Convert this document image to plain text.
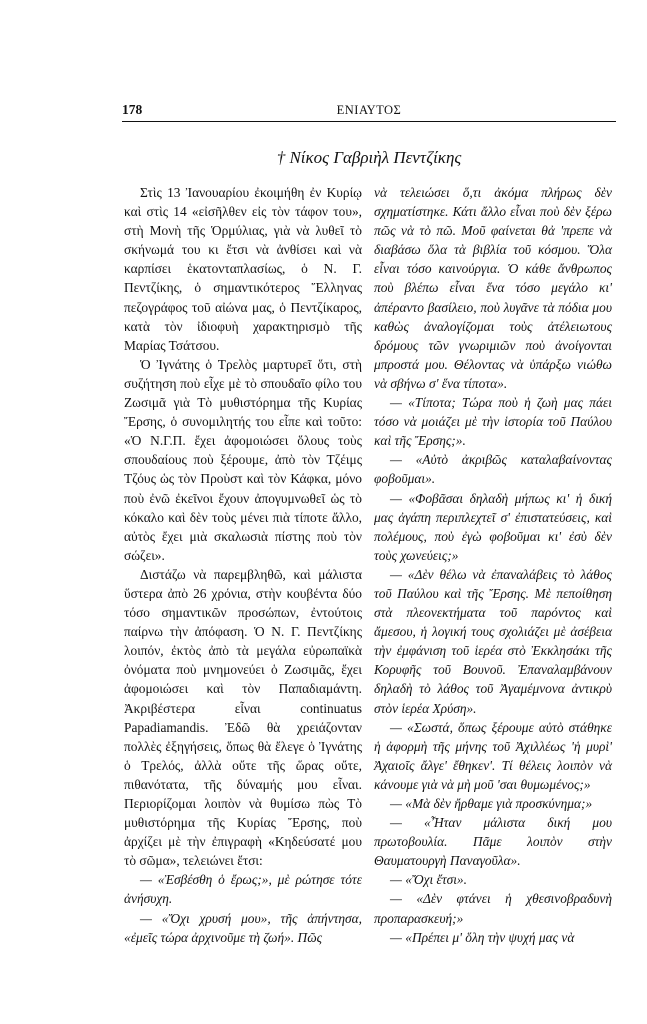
178	ΕΝΙΑΥΤΟΣ
† Νίκος Γαβριὴλ Πεντζίκης

Στὶς 13 Ἰανουαρίου ἐκοιμήθη ἐν Κυρίῳ καὶ στὶς 14 «εἰσῆλθεν εἰς τὸν τάφον του», στὴ Μονὴ τῆς Ὁρμύλιας, γιὰ νὰ λυθεῖ τὸ σκήνωμά του κι ἔτσι νὰ ἀνθίσει καὶ νὰ καρπίσει ἑκατονταπλασίως, ὁ Ν. Γ. Πεντζίκης, ὁ σημαντικότερος Ἕλληνας πεζογράφος τοῦ αἰώνα μας, ὁ Πεντζίκαρος, κατὰ τὸν ἰδιοφυὴ χαρακτηρισμὸ τῆς Μαρίας Τσάτσου.

Ὁ Ἰγνάτης ὁ Τρελὸς μαρτυρεῖ ὅτι, στὴ συζήτηση ποὺ εἶχε μὲ τὸ σπουδαῖο φίλο του Ζωσιμᾶ γιὰ Τὸ μυθιστόρημα τῆς Κυρίας Ἔρσης, ὁ συνομιλητής του εἶπε καὶ τοῦτο: «Ὁ Ν.Γ.Π. ἔχει ἀφομοιώσει ὅλους τοὺς σπουδαίους ποὺ ξέρουμε, ἀπὸ τὸν Τζέιμς Τζόυς ὡς τὸν Προὺστ καὶ τὸν Κάφκα, μόνο ποὺ ἐνῶ ἐκεῖνοι ἔχουν ἀπογυμνωθεῖ ὡς τὸ κόκαλο καὶ δὲν τοὺς μένει πιὰ τίποτε ἄλλο, αὐτὸς ἔχει μιὰ σκαλωσιὰ πίστης ποὺ τὸν σώζει».

Διστάζω νὰ παρεμβληθῶ, καὶ μάλιστα ὕστερα ἀπὸ 26 χρόνια, στὴν κουβέντα δύο τόσο σημαντικῶν προσώπων, ἐντούτοις παίρνω τὴν ἀπόφαση. Ὁ Ν. Γ. Πεντζίκης λοιπόν, ἐκτὸς ἀπὸ τὰ μεγάλα εὐρωπαϊκὰ ὀνόματα ποὺ μνημονεύει ὁ Ζωσιμᾶς, ἔχει ἀφομοιώσει καὶ τὸν Παπαδιαμάντη. Ἀκριβέστερα εἶναι continuatus Papadiamandis. Ἐδῶ θὰ χρειάζονταν πολλὲς ἐξηγήσεις, ὅπως θὰ ἔλεγε ὁ Ἰγνάτης ὁ Τρελός, ἀλλὰ οὔτε τῆς ὥρας οὔτε, πιθανότατα, τῆς δύναμής μου εἶναι. Περιορίζομαι λοιπὸν νὰ θυμίσω πὼς Τὸ μυθιστόρημα τῆς Κυρίας Ἔρσης, ποὺ ἀρχίζει μὲ τὴν ἐπιγραφὴ «Κηδεύσατέ μου τὸ σῶμα», τελειώνει ἔτσι:

— «Ἐσβέσθη ὁ ἔρως;», μὲ ρώτησε τότε ἀνήσυχη.

— «Ὄχι χρυσή μου», τῆς ἀπήντησα, «ἐμεῖς τώρα ἀρχινοῦμε τὴ ζωή». Πῶς

νὰ τελειώσει ὅ,τι ἀκόμα πλήρως δὲν σχηματίστηκε. Κάτι ἄλλο εἶναι ποὺ δὲν ξέρω πῶς νὰ τὸ πῶ. Μοῦ φαίνεται θἀ 'πρεπε νὰ διαβάσω ὅλα τὰ βιβλία τοῦ κόσμου. Ὅλα εἶναι τόσο καινούργια. Ὁ κάθε ἄνθρωπος ποὺ βλέπω εἶναι ἕνα τόσο μεγάλο κι' ἀπέραντο βασίλειο, ποὺ λυγᾶνε τὰ πόδια μου καθὼς ἀναλογίζομαι τοὺς ἀτέλειωτους δρόμους τῶν γνωριμιῶν ποὺ ἀνοίγονται μπροστά μου. Θέλοντας νὰ ὑπάρξω νιώθω νὰ σβήνω σ' ἕνα τίποτα».

— «Τίποτα; Τώρα ποὺ ἡ ζωὴ μας πάει τόσο νὰ μοιάζει μὲ τὴν ἱστορία τοῦ Παύλου καὶ τῆς Ἔρσης;».

— «Αὐτὸ ἀκριβῶς καταλαβαίνοντας φοβοῦμαι».

— «Φοβᾶσαι δηλαδὴ μήπως κι' ἡ δική μας ἀγάπη περιπλεχτεῖ σ' ἐπιστατεύσεις, καὶ πολέμους, ποὺ ἐγὼ φοβοῦμαι κι' ἐσὺ δὲν τοὺς χωνεύεις;»

— «Δὲν θέλω νὰ ἐπαναλάβεις τὸ λάθος τοῦ Παύλου καὶ τῆς Ἔρσης. Μὲ πεποίθηση στὰ πλεονεκτήματα τοῦ παρόντος καὶ ἄμεσου, ἡ λογική τους σχολιάζει μὲ ἀσέβεια τὴν ἐμφάνιση τοῦ ἱερέα στὸ Ἐκκλησάκι τῆς Κορυφῆς τοῦ Βουνοῦ. Ἐπαναλαμβάνουν δηλαδὴ τὸ λάθος τοῦ Ἀγαμέμνονα ἀντικρὺ στὸν ἱερέα Χρύση».

— «Σωστά, ὅπως ξέρουμε αὐτὸ στάθηκε ἡ ἀφορμὴ τῆς μήνης τοῦ Ἀχιλλέως 'ἡ μυρὶ' Ἀχαιοῖς ἄλγε' ἔθηκεν'. Τί θέλεις λοιπὸν νὰ κάνουμε γιὰ νὰ μὴ μοῦ 'σαι θυμωμένος;»

— «Μὰ δὲν ἤρθαμε γιὰ προσκύνημα;»

— «Ἦταν μάλιστα δική μου πρωτοβουλία. Πᾶμε λοιπὸν στὴν Θαυματουργὴ Παναγοῦλα».

— «Ὄχι ἔτσι».

— «Δὲν φτάνει ἡ χθεσινοβραδυνὴ προπαρασκευή;»

— «Πρέπει μ' ὅλη τὴν ψυχή μας νὰ
